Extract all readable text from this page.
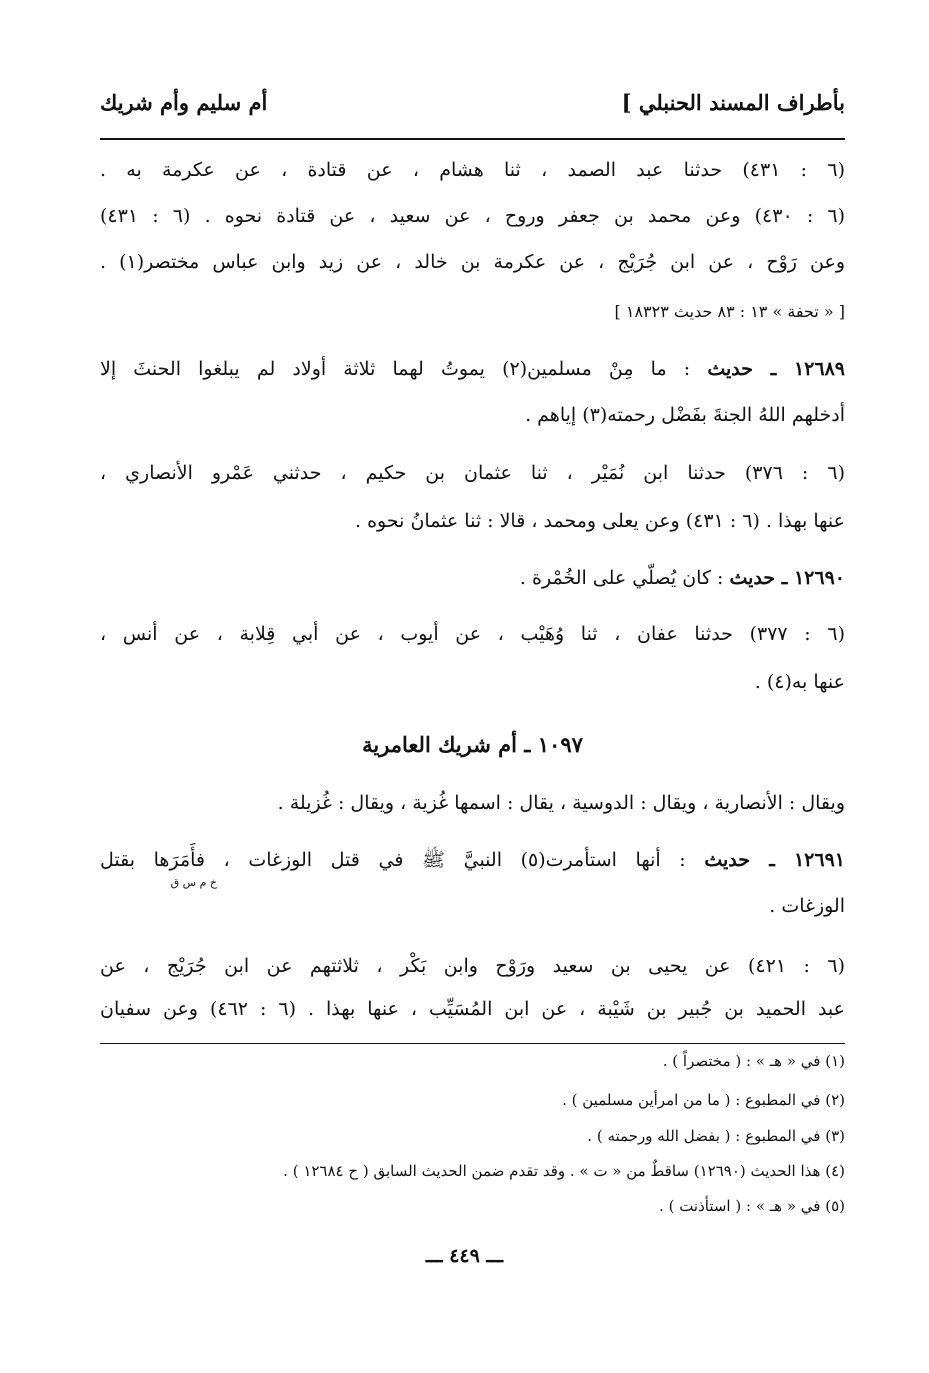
بأطراف المسند الحنبلي ]
أم سليم وأم شريك
(٦ : ٤٣١) حدثنا عبد الصمد ، ثنا هشام ، عن قتادة ، عن عكرمة به .
(٦ : ٤٣٠) وعن محمد بن جعفر وروح ، عن سعيد ، عن قتادة نحوه . (٦ : ٤٣١)
وعن رَوْح ، عن ابن جُرَيْج ، عن عكرمة بن خالد ، عن زيد وابن عباس مختصر(١) .
[ « تحفة » ١٣ : ٨٣ حديث ١٨٣٢٣ ]
١٢٦٨٩ ـ حديث : ما مِنْ مسلمين(٢) يموتُ لهما ثلاثة أولاد لم يبلغوا الحنثَ إلا
أدخلهم اللهُ الجنةَ بفَضْل رحمته(٣) إياهم .
(٦ : ٣٧٦) حدثنا ابن نُمَيْر ، ثنا عثمان بن حكيم ، حدثني عَمْرو الأنصاري ،
عنها بهذا . (٦ : ٤٣١) وعن يعلى ومحمد ، قالا : ثنا عثمانُ نحوه .
١٢٦٩٠ ـ حديث : كان يُصلّي على الخُمْرة .
(٦ : ٣٧٧) حدثنا عفان ، ثنا وُهَيْب ، عن أيوب ، عن أبي قِلابة ، عن أنس ،
عنها به(٤) .
١٠٩٧ ـ أم شريك العامرية
ويقال : الأنصارية ، ويقال : الدوسية ، يقال : اسمها غُزية ، ويقال : غُزيلة .
١٢٦٩١ ـ حديث : أنها استأمرت(٥) النبيَّ ﷺ في قتل الوزغات ، فأَمَرَها بقتل
خ م س ق
الوزغات .
(٦ : ٤٢١) عن يحيى بن سعيد ورَوْح وابن بَكْر ، ثلاثتهم عن ابن جُرَيْج ، عن
عبد الحميد بن جُبير بن شَيْبة ، عن ابن المُسَيِّب ، عنها بهذا . (٦ : ٤٦٢) وعن سفيان
(١) في « هـ » : ( مختصراً ) .
(٢) في المطبوع : ( ما من امرأين مسلمين ) .
(٣) في المطبوع : ( بفضل الله ورحمته ) .
(٤) هذا الحديث (١٢٦٩٠) ساقطٌ من « ت » . وقد تقدم ضمن الحديث السابق ( ح ١٢٦٨٤ ) .
(٥) في « هـ » : ( استأذنت ) .
ـــ ٤٤٩ ـــ
